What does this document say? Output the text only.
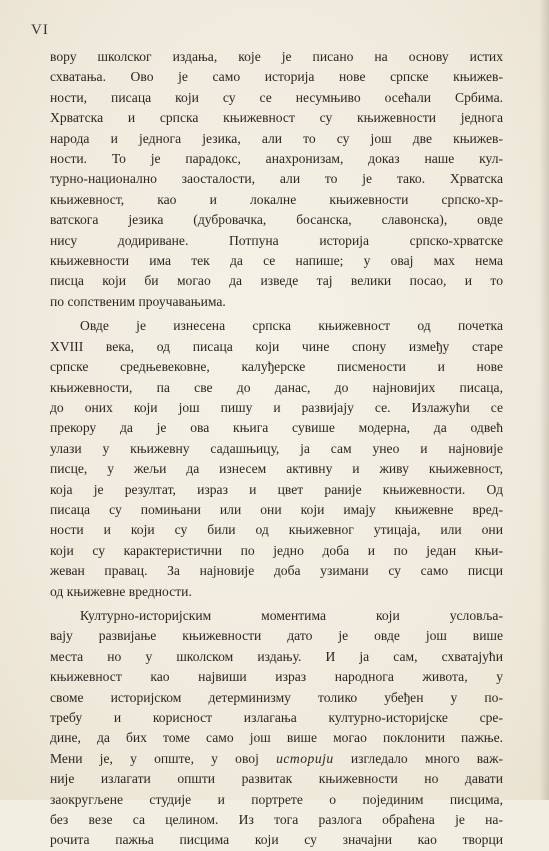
VI

вору школског издања, које је писано на основу истих
схватања. Ово је само историја нове српске књижев-
ности, писаца који су се несумњиво осећали Србима.
Хрватска и српска књижевност су књижевности једнога
народа и једнога језика, али то су још две књижев-
ности. То је парадокс, анахронизам, доказ наше кул-
турно-национално заосталости, али то је тако. Хрватска
књижевност, као и локалне књижевности српско-хр-
ватскога језика (дубровачка, босанска, славонска), овде
нису додириване. Потпуна историја српско-хрватске
књижевности има тек да се напише; у овај мах нема
писца који би могао да изведе тај велики посао, и то
по сопственим проучавањима.

Овде је изнесена српска књижевност од почетка
XVIII века, од писаца који чине спону између старе
српске средњевековне, калуђерске писмености и нове
књижевности, па све до данас, до најновијих писаца,
до оних који још пишу и развијају се. Излажући се
прекору да је ова књига сувише модерна, да одвећ
улази у књижевну садашњицу, ја сам унео и најновије
писце, у жељи да изнесем активну и живу књижевност,
која је резултат, израз и цвет раније књижевности. Од
писаца су помињани или они који имају књижевне вред-
ности и који су били од књижевног утицаја, или они
који су карактеристични по једно доба и по један књи-
жеван правац. За најновије доба узимани су само писци
од књижевне вредности.

Културно-историјским моментима који условља-
вају развијање књижевности дато је овде још више
места но у школском издању. И ја сам, схватајући
књижевност као највиши израз народнога живота, у
своме историјском детерминизму толико убеђен у по-
требу и корисност излагања културно-историјске сре-
дине, да бих томе само још више могао поклонити пажње.
Мени је, у опште, у овој историји изгледало много важ-
није излагати општи развитак књижевности но давати
заокругљене студије и портрете о појединим писцима,
без везе са целином. Из тога разлога обраћена је на-
рочита пажња писцима који су значајни као творци
